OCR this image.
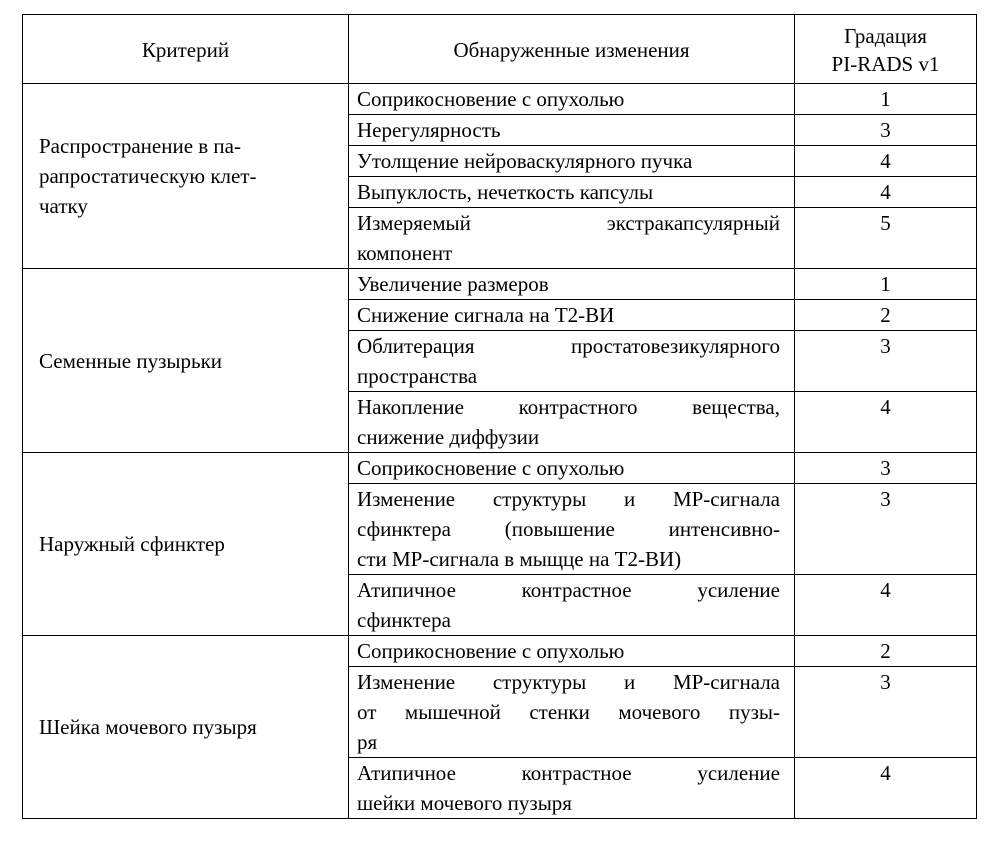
Критерий	Обнаруженные изменения	Градация
PI-RADS v1

Распространение в па-
рапростатическую клет-
чатку	Соприкосновение с опухолью	1

	Нерегулярность	3

	Утолщение нейроваскулярного пучка	4

	Выпуклость, нечеткость капсулы	4

	Измеряемый экстракапсулярный
компонент	5

Семенные пузырьки	Увеличение размеров	1

	Снижение сигнала на Т2-ВИ	2

	Облитерация простатовезикулярного
пространства	3

	Накопление контрастного вещества,
снижение диффузии	4

Наружный сфинктер	Соприкосновение с опухолью	3

	Изменение структуры и МР-сигнала
сфинктера (повышение интенсивно-
сти МР-сигнала в мыщце на Т2-ВИ)	3

	Атипичное контрастное усиление
сфинктера	4

Шейка мочевого пузыря	Соприкосновение с опухолью	2

	Изменение структуры и МР-сигнала
от мышечной стенки мочевого пузы-
ря	3

	Атипичное контрастное усиление
шейки мочевого пузыря	4
